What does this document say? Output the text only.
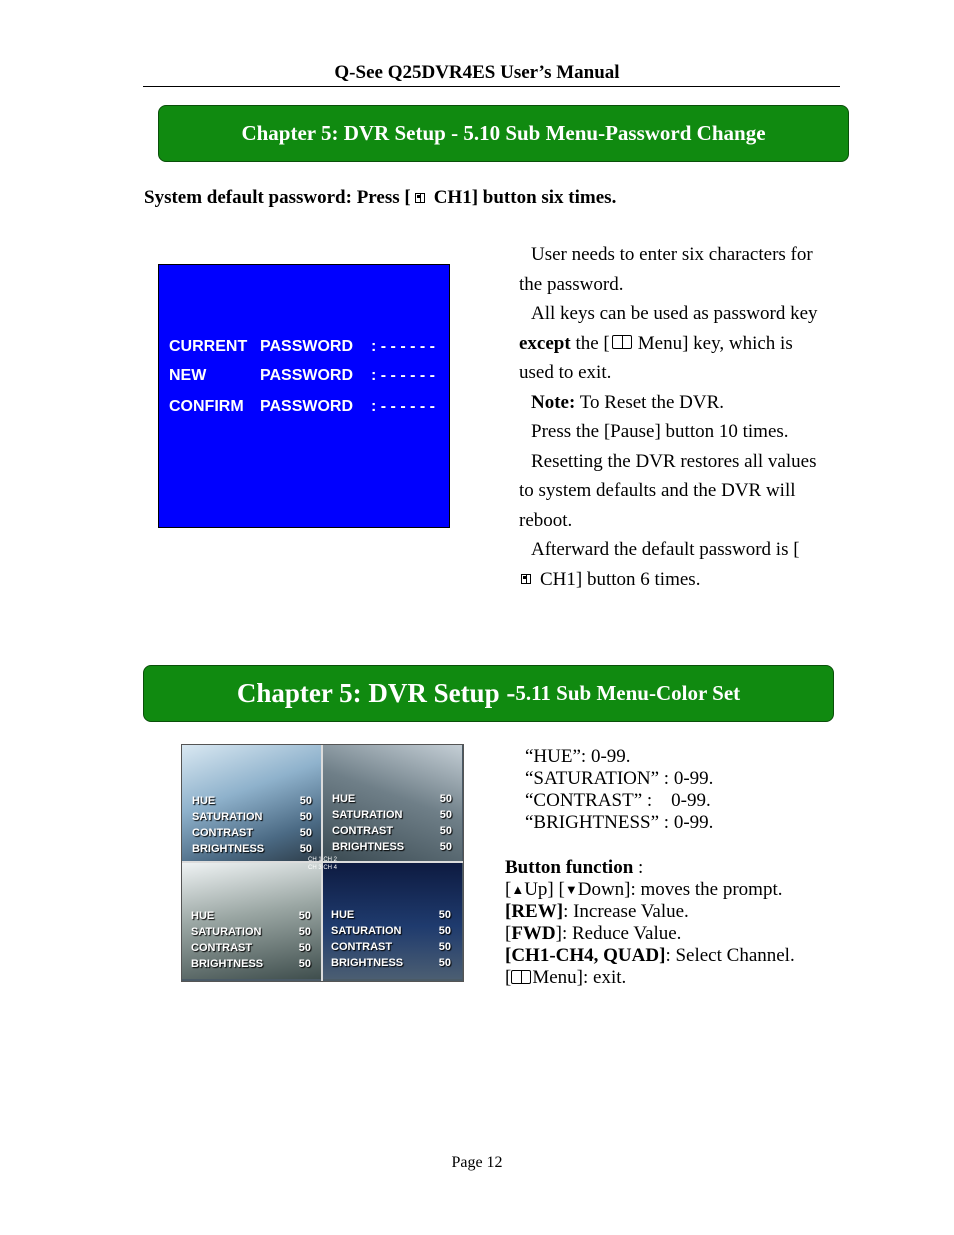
Q-See Q25DVR4ES User’s Manual
Chapter 5: DVR Setup - 5.10 Sub Menu-Password Change
System default password: Press [ CH1] button six times.
CURRENT PASSWORD : - - - - - -
NEW	PASSWORD : - - - - - -
CONFIRM PASSWORD : - - - - - -

User needs to enter six characters for the password.

All keys can be used as password key except the [ Menu] key, which is used to exit.

Note: To Reset the DVR.

Press the [Pause] button 10 times.

Resetting the DVR restores all values to system defaults and the DVR will reboot.

Afterward the default password is [CH1] button 6 times.

Chapter 5: DVR Setup - 5.11 Sub Menu-Color Set
HUE	50
SATURATION	50
CONTRAST	50
BRIGHTNESS	50
HUE	50
SATURATION	50
CONTRAST	50
BRIGHTNESS	50
HUE	50
SATURATION	50
CONTRAST	50
BRIGHTNESS	50
HUE	50
SATURATION	50
CONTRAST	50
BRIGHTNESS	50
CH 1 CH 2
CH 3 CH 4
“HUE”: 0-99.
“SATURATION” : 0-99.
“CONTRAST” :    0-99.
“BRIGHTNESS” : 0-99.
Button function :
[▲Up] [▼Down]: moves the prompt.
[REW]: Increase Value.
[FWD]: Reduce Value.
[CH1-CH4, QUAD]: Select Channel.
[ Menu]: exit.
Page 12
